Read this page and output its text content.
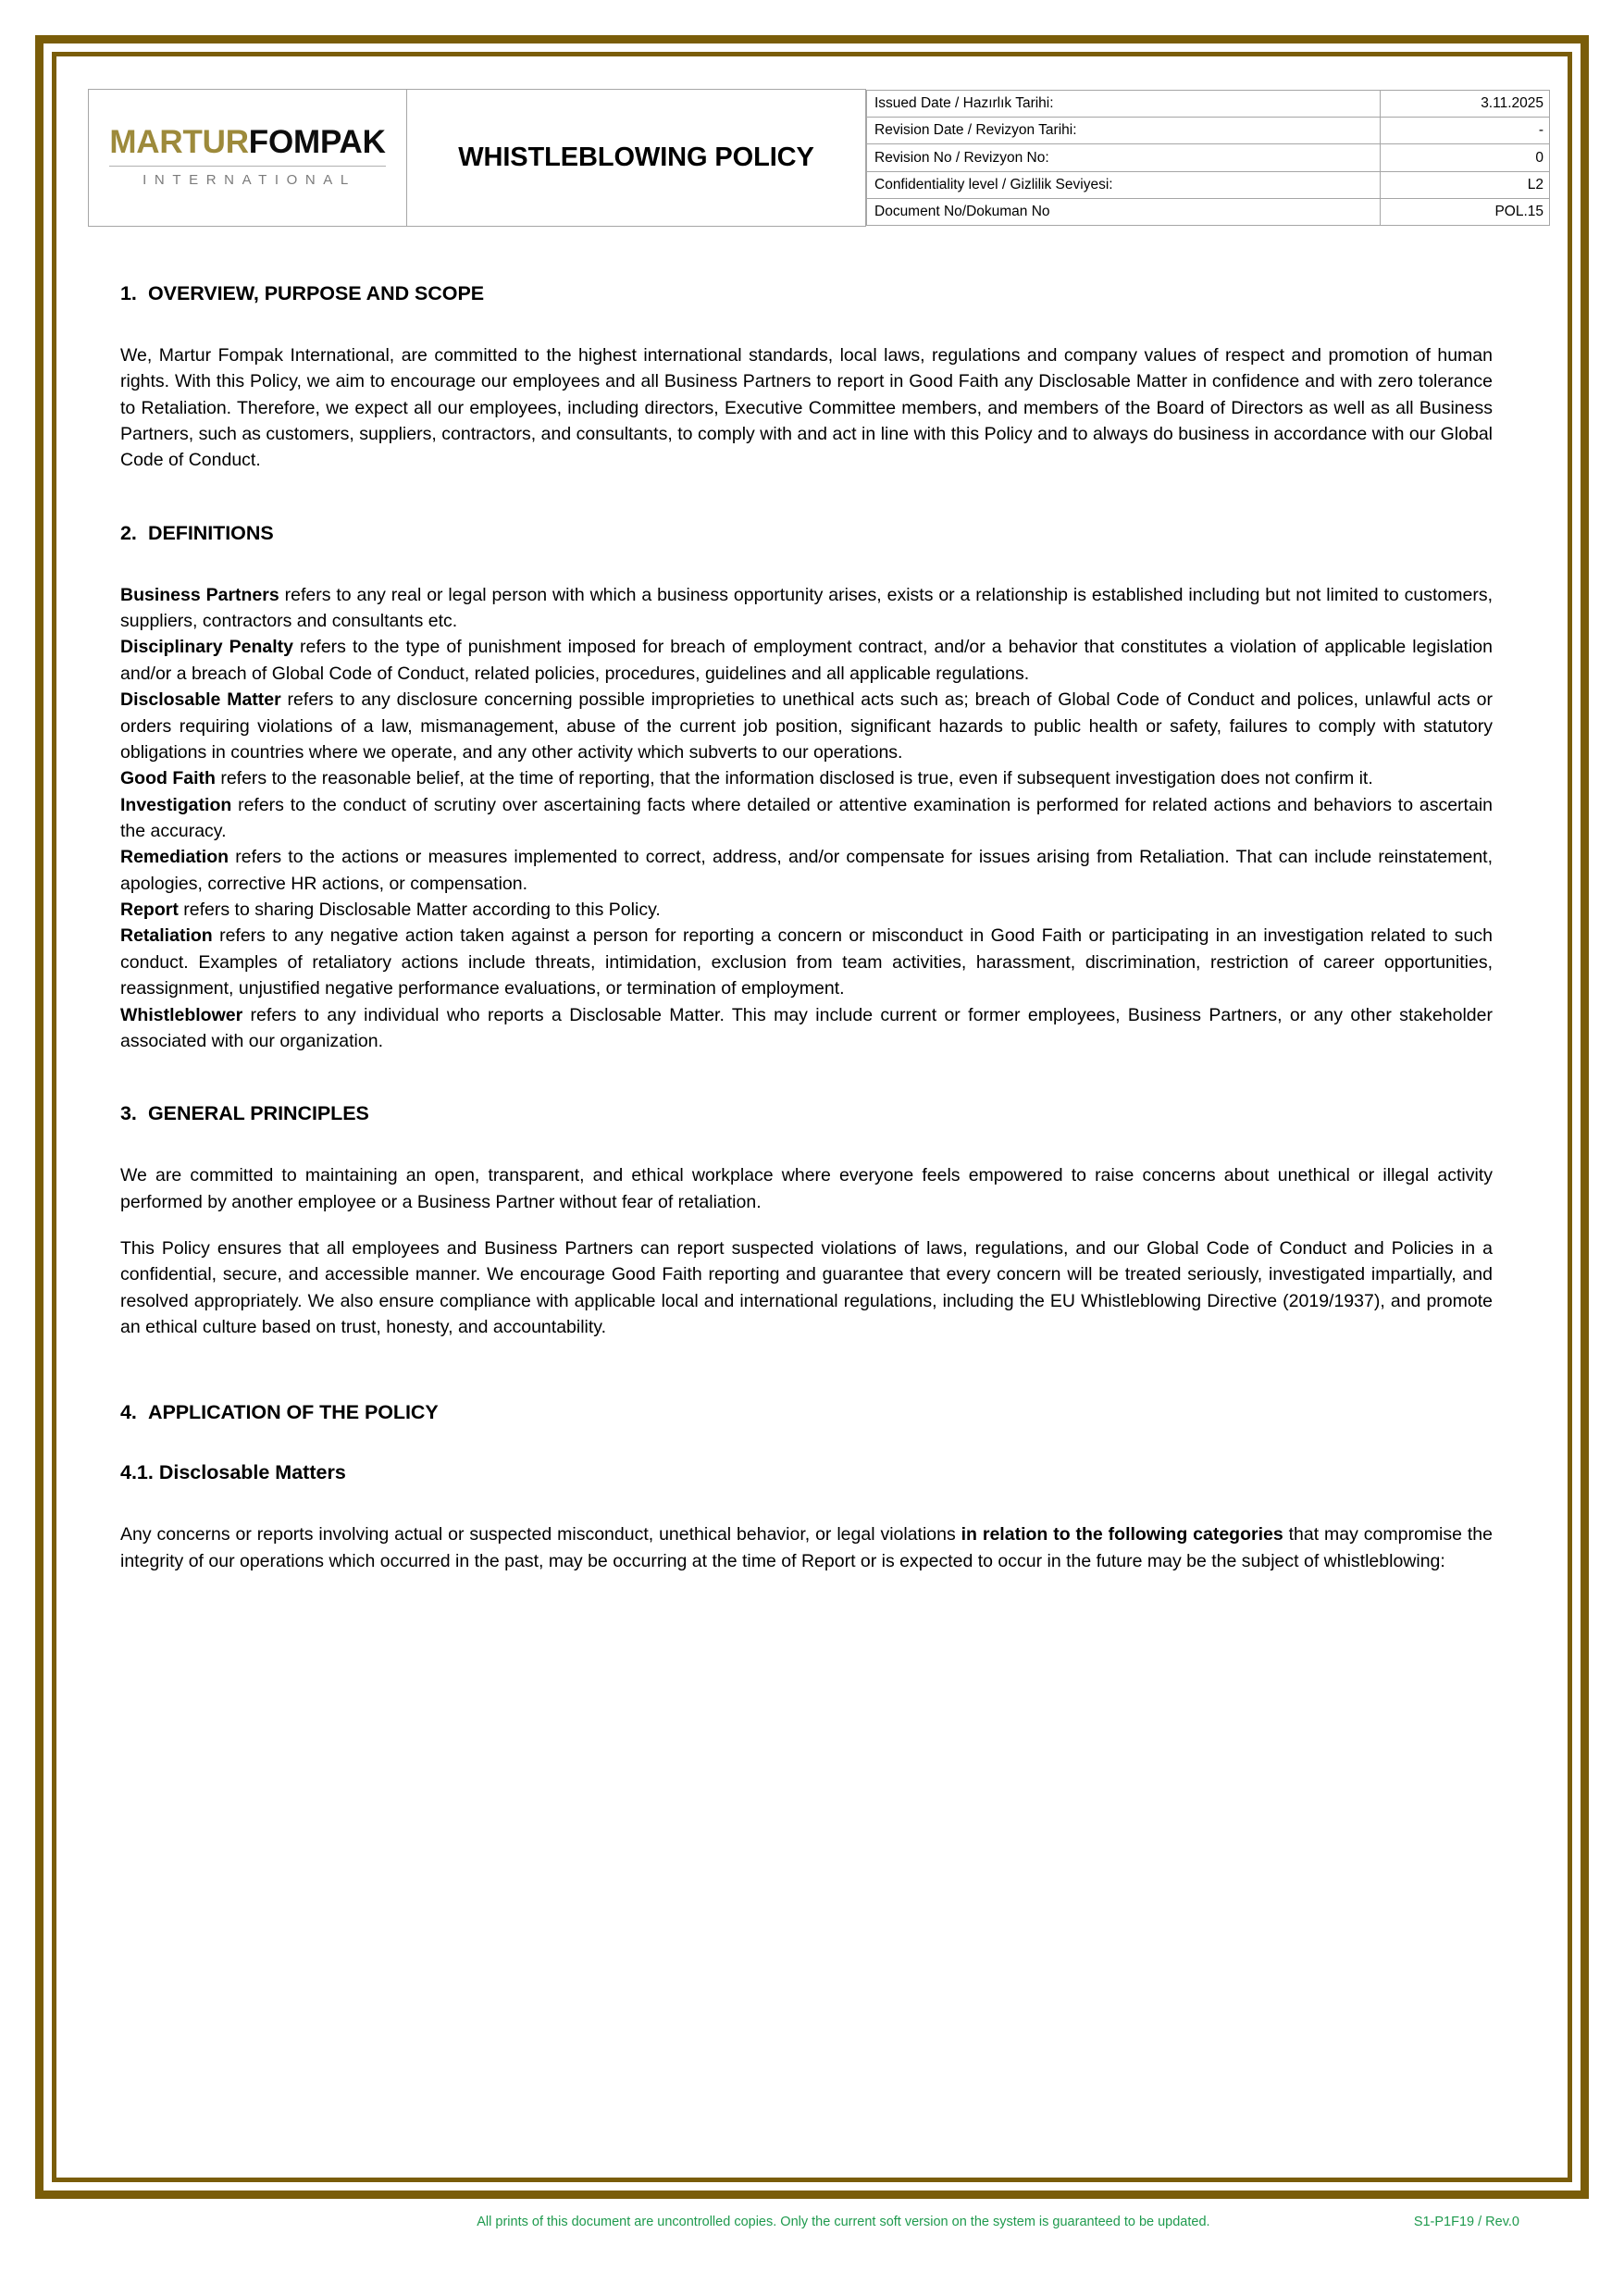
MARTURFOMPAK
INTERNATIONAL

WHISTLEBLOWING POLICY

Issued Date / Hazırlık Tarihi:	3.11.2025
Revision Date / Revizyon Tarihi:	-
Revision No / Revizyon No:	0
Confidentiality level / Gizlilik Seviyesi:	L2
Document No/Dokuman No	POL.15
1. OVERVIEW, PURPOSE AND SCOPE

We, Martur Fompak International, are committed to the highest international standards, local laws, regulations and company values of respect and promotion of human rights. With this Policy, we aim to encourage our employees and all Business Partners to report in Good Faith any Disclosable Matter in confidence and with zero tolerance to Retaliation. Therefore, we expect all our employees, including directors, Executive Committee members, and members of the Board of Directors as well as all Business Partners, such as customers, suppliers, contractors, and consultants, to comply with and act in line with this Policy and to always do business in accordance with our Global Code of Conduct.

2. DEFINITIONS

Business Partners refers to any real or legal person with which a business opportunity arises, exists or a relationship is established including but not limited to customers, suppliers, contractors and consultants etc.

Disciplinary Penalty refers to the type of punishment imposed for breach of employment contract, and/or a behavior that constitutes a violation of applicable legislation and/or a breach of Global Code of Conduct, related policies, procedures, guidelines and all applicable regulations.

Disclosable Matter refers to any disclosure concerning possible improprieties to unethical acts such as; breach of Global Code of Conduct and polices, unlawful acts or orders requiring violations of a law, mismanagement, abuse of the current job position, significant hazards to public health or safety, failures to comply with statutory obligations in countries where we operate, and any other activity which subverts to our operations.

Good Faith refers to the reasonable belief, at the time of reporting, that the information disclosed is true, even if subsequent investigation does not confirm it.

Investigation refers to the conduct of scrutiny over ascertaining facts where detailed or attentive examination is performed for related actions and behaviors to ascertain the accuracy.

Remediation refers to the actions or measures implemented to correct, address, and/or compensate for issues arising from Retaliation. That can include reinstatement, apologies, corrective HR actions, or compensation.

Report refers to sharing Disclosable Matter according to this Policy.

Retaliation refers to any negative action taken against a person for reporting a concern or misconduct in Good Faith or participating in an investigation related to such conduct. Examples of retaliatory actions include threats, intimidation, exclusion from team activities, harassment, discrimination, restriction of career opportunities, reassignment, unjustified negative performance evaluations, or termination of employment.

Whistleblower refers to any individual who reports a Disclosable Matter. This may include current or former employees, Business Partners, or any other stakeholder associated with our organization.

3. GENERAL PRINCIPLES

We are committed to maintaining an open, transparent, and ethical workplace where everyone feels empowered to raise concerns about unethical or illegal activity performed by another employee or a Business Partner without fear of retaliation.

This Policy ensures that all employees and Business Partners can report suspected violations of laws, regulations, and our Global Code of Conduct and Policies in a confidential, secure, and accessible manner. We encourage Good Faith reporting and guarantee that every concern will be treated seriously, investigated impartially, and resolved appropriately. We also ensure compliance with applicable local and international regulations, including the EU Whistleblowing Directive (2019/1937), and promote an ethical culture based on trust, honesty, and accountability.

4. APPLICATION OF THE POLICY
4.1. Disclosable Matters

Any concerns or reports involving actual or suspected misconduct, unethical behavior, or legal violations in relation to the following categories that may compromise the integrity of our operations which occurred in the past, may be occurring at the time of Report or is expected to occur in the future may be the subject of whistleblowing:

All prints of this document are uncontrolled copies. Only the current soft version on the system is guaranteed to be updated.	S1-P1F19 / Rev.0
